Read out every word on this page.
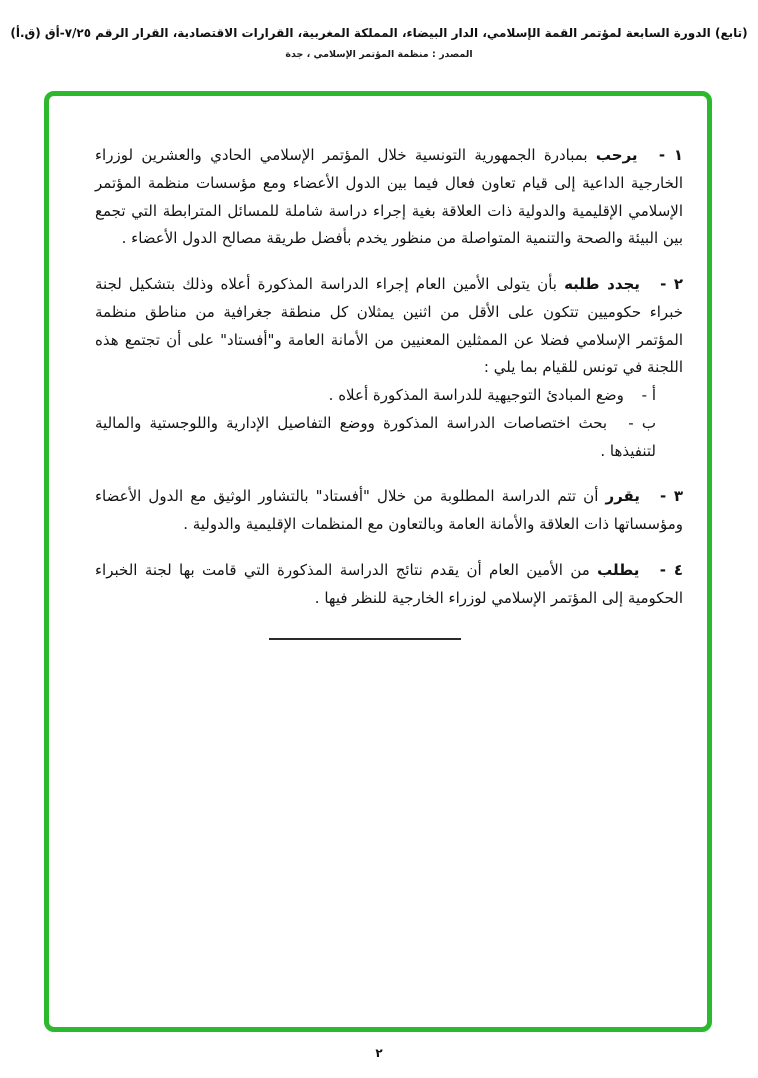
(تابع) الدورة السابعة لمؤتمر القمة الإسلامي، الدار البيضاء، المملكة المغربية، القرارات الاقتصادية، القرار الرقم ٧/٢٥-أق (ق.أ)
المصدر : منظمة المؤتمر الإسلامي ، جدة

١ - يرحب بمبادرة الجمهورية التونسية خلال المؤتمر الإسلامي الحادي والعشرين لوزراء الخارجية الداعية إلى قيام تعاون فعال فيما بين الدول الأعضاء ومع مؤسسات منظمة المؤتمر الإسلامي الإقليمية والدولية ذات العلاقة بغية إجراء دراسة شاملة للمسائل المترابطة التي تجمع بين البيئة والصحة والتنمية المتواصلة من منظور يخدم بأفضل طريقة مصالح الدول الأعضاء .

٢ - يجدد طلبه بأن يتولى الأمين العام إجراء الدراسة المذكورة أعلاه وذلك بتشكيل لجنة خبراء حكوميين تتكون على الأقل من اثنين يمثلان كل منطقة جغرافية من مناطق منظمة المؤتمر الإسلامي فضلا عن الممثلين المعنيين من الأمانة العامة و"أفستاد" على أن تجتمع هذه اللجنة في تونس للقيام بما يلي :

أ - وضع المبادئ التوجيهية للدراسة المذكورة أعلاه .

ب - بحث اختصاصات الدراسة المذكورة ووضع التفاصيل الإدارية واللوجستية والمالية لتنفيذها .

٣ - يقرر أن تتم الدراسة المطلوبة من خلال "أفستاد" بالتشاور الوثيق مع الدول الأعضاء ومؤسساتها ذات العلاقة والأمانة العامة وبالتعاون مع المنظمات الإقليمية والدولية .

٤ - يطلب من الأمين العام أن يقدم نتائج الدراسة المذكورة التي قامت بها لجنة الخبراء الحكومية إلى المؤتمر الإسلامي لوزراء الخارجية للنظر فيها .

٢
